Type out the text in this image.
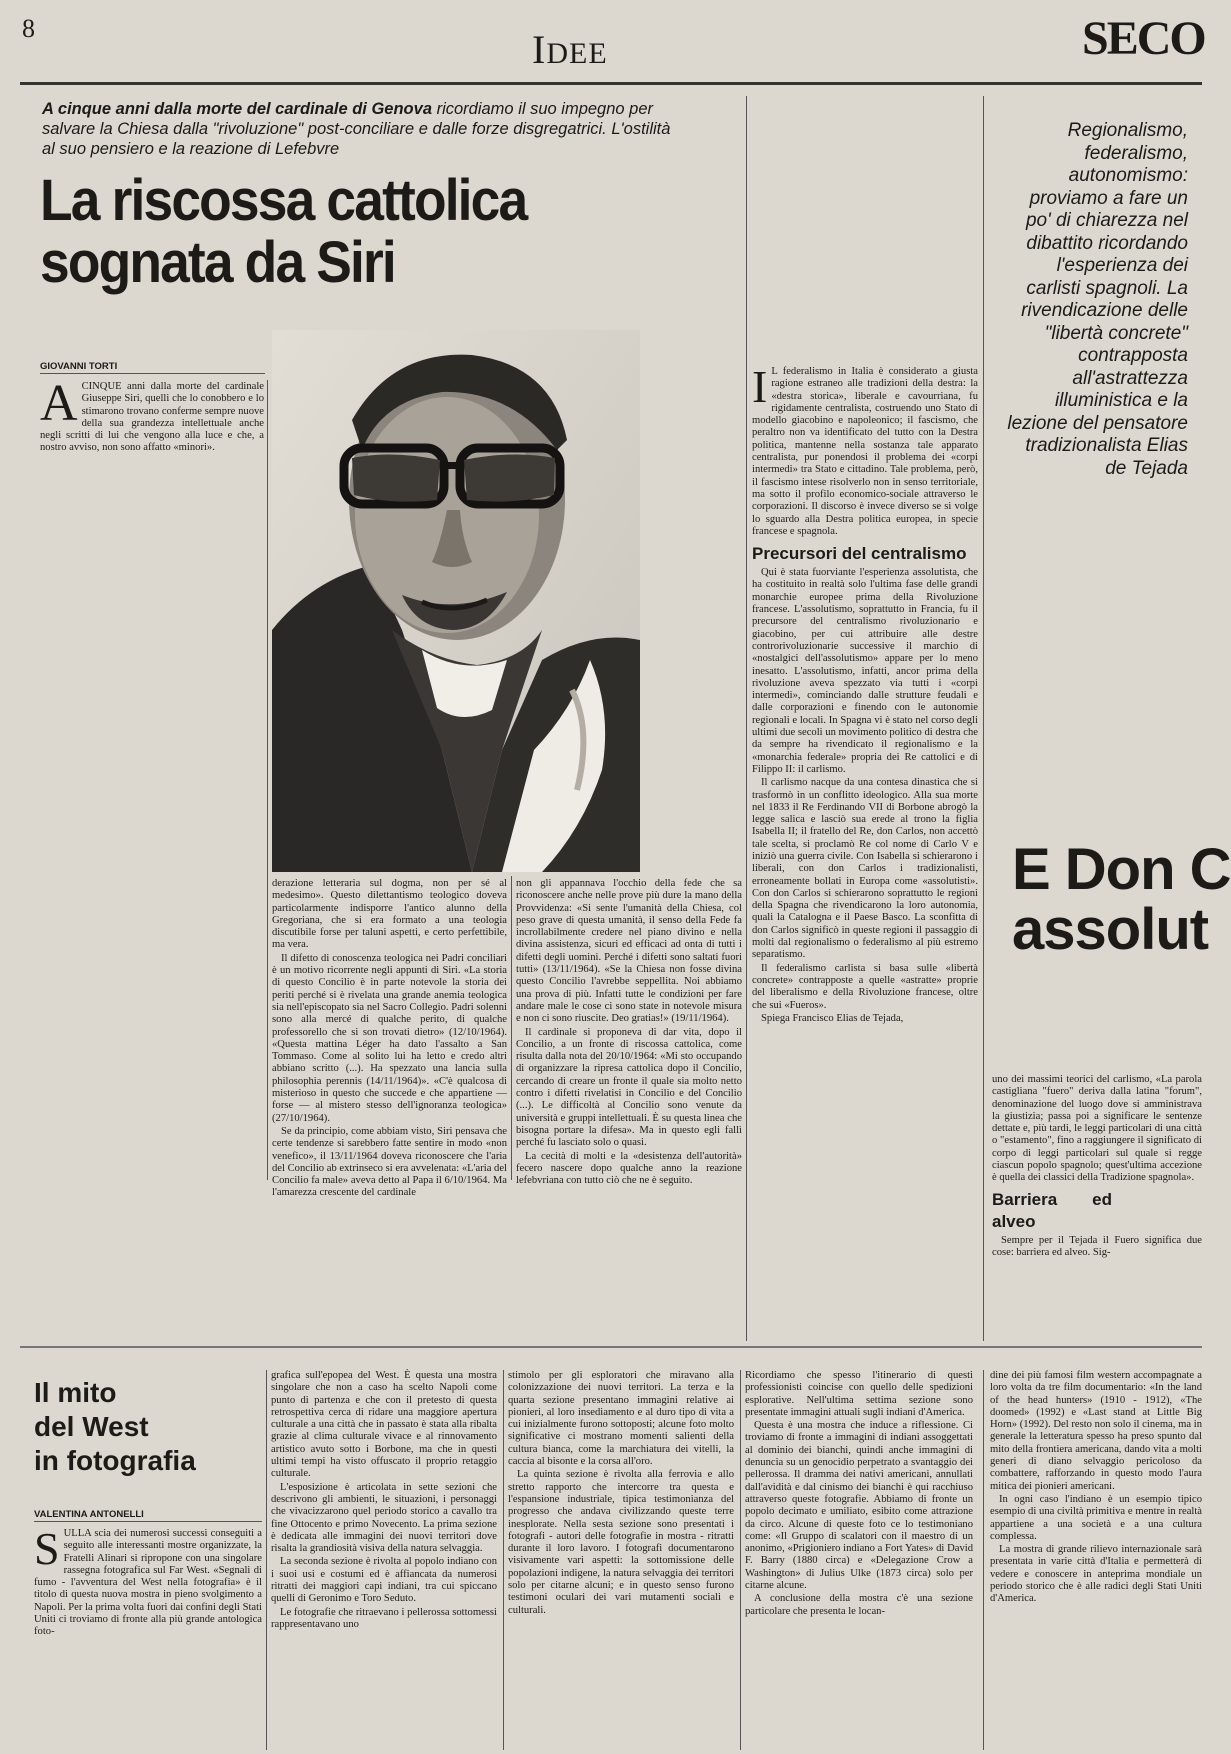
8	IDEE	SECO
A cinque anni dalla morte del cardinale di Genova ricordiamo il suo impegno per salvare la Chiesa dalla "rivoluzione" post-conciliare e dalle forze disgregatrici. L'ostilità al suo pensiero e la reazione di Lefebvre
La riscossa cattolica
sognata da Siri
GIOVANNI TORTI
A CINQUE anni dalla morte del cardinale Giuseppe Siri, quelli che lo conobbero e lo stimarono trovano conferme sempre nuove della sua grandezza intellettuale anche negli scritti di lui che vengono alla luce e che, a nostro avviso, non sono affatto «minori».

derazione letteraria sul dogma, non per sé al medesimo». Questo dilettantismo teologico doveva particolarmente indisporre l'antico alunno della Gregoriana, che si era formato a una teologia discutibile forse per taluni aspetti, e certo perfettibile, ma vera.

Il difetto di conoscenza teologica nei Padri conciliari è un motivo ricorrente negli appunti di Siri. «La storia di questo Concilio è in parte notevole la storia dei periti perché si è rivelata una grande anemia teologica sia nell'episcopato sia nel Sacro Collegio. Padri solenni sono alla mercé di qualche perito, di qualche professorello che si son trovati dietro» (12/10/1964). «Questa mattina Léger ha dato l'assalto a San Tommaso. Come al solito lui ha letto e credo altri abbiano scritto (...). Ha spezzato una lancia sulla philosophia perennis (14/11/1964)». «C'è qualcosa di misterioso in questo che succede e che appartiene — forse — al mistero stesso dell'ignoranza teologica» (27/10/1964).

Se da principio, come abbiam visto, Siri pensava che certe tendenze si sarebbero fatte sentire in modo «non venefico», il 13/11/1964 doveva riconoscere che l'aria del Concilio ab extrinseco si era avvelenata: «L'aria del Concilio fa male» aveva detto al Papa il 6/10/1964. Ma l'amarezza crescente del cardinale

non gli appannava l'occhio della fede che sa riconoscere anche nelle prove più dure la mano della Provvidenza: «Si sente l'umanità della Chiesa, col peso grave di questa umanità, il senso della Fede fa incrollabilmente credere nel piano divino e nella divina assistenza, sicuri ed efficaci ad onta di tutti i difetti degli uomini. Perché i difetti sono saltati fuori tutti» (13/11/1964). «Se la Chiesa non fosse divina questo Concilio l'avrebbe seppellita. Noi abbiamo una prova di più. Infatti tutte le condizioni per fare andare male le cose ci sono state in notevole misura e non ci sono riuscite. Deo gratias!» (19/11/1964).

Il cardinale si proponeva di dar vita, dopo il Concilio, a un fronte di riscossa cattolica, come risulta dalla nota del 20/10/1964: «Mi sto occupando di organizzare la ripresa cattolica dopo il Concilio, cercando di creare un fronte il quale sia molto netto contro i difetti rivelatisi in Concilio e del Concilio (...). Le difficoltà al Concilio sono venute da università e gruppi intellettuali. È su questa linea che bisogna portare la difesa». Ma in questo egli fallì perché fu lasciato solo o quasi.

La cecità di molti e la «desistenza dell'autorità» fecero nascere dopo qualche anno la reazione lefebvriana con tutto ciò che ne è seguito.

I L federalismo in Italia è considerato a giusta ragione estraneo alle tradizioni della destra: la «destra storica», liberale e cavourriana, fu rigidamente centralista, costruendo uno Stato di modello giacobino e napoleonico; il fascismo, che peraltro non va identificato del tutto con la Destra politica, mantenne nella sostanza tale apparato centralista, pur ponendosi il problema dei «corpi intermedi» tra Stato e cittadino. Tale problema, però, il fascismo intese risolverlo non in senso territoriale, ma sotto il profilo economico-sociale attraverso le corporazioni. Il discorso è invece diverso se si volge lo sguardo alla Destra politica europea, in specie francese e spagnola.

Precursori del centralismo

Qui è stata fuorviante l'esperienza assolutista, che ha costituito in realtà solo l'ultima fase delle grandi monarchie europee prima della Rivoluzione francese. L'assolutismo, soprattutto in Francia, fu il precursore del centralismo rivoluzionario e giacobino, per cui attribuire alle destre controrivoluzionarie successive il marchio di «nostalgici dell'assolutismo» appare per lo meno inesatto. L'assolutismo, infatti, ancor prima della rivoluzione aveva spezzato via tutti i «corpi intermedi», cominciando dalle strutture feudali e dalle corporazioni e finendo con le autonomie regionali e locali. In Spagna vi è stato nel corso degli ultimi due secoli un movimento politico di destra che da sempre ha rivendicato il regionalismo e la «monarchia federale» propria dei Re cattolici e di Filippo II: il carlismo.

Il carlismo nacque da una contesa dinastica che si trasformò in un conflitto ideologico. Alla sua morte nel 1833 il Re Ferdinando VII di Borbone abrogò la legge salica e lasciò sua erede al trono la figlia Isabella II; il fratello del Re, don Carlos, non accettò tale scelta, si proclamò Re col nome di Carlo V e iniziò una guerra civile. Con Isabella si schierarono i liberali, con don Carlos i tradizionalisti, erroneamente bollati in Europa come «assolutisti». Con don Carlos si schierarono soprattutto le regioni della Spagna che rivendicarono la loro autonomia, quali la Catalogna e il Paese Basco. La sconfitta di don Carlos significò in queste regioni il passaggio di molti dal regionalismo o federalismo al più estremo separatismo.

Il federalismo carlista si basa sulle «libertà concrete» contrapposte a quelle «astratte» proprie del liberalismo e della Rivoluzione francese, oltre che sui «Fueros».

Spiega Francisco Elias de Tejada,

Regionalismo, federalismo, autonomismo: proviamo a fare un po' di chiarezza nel dibattito ricordando l'esperienza dei carlisti spagnoli. La rivendicazione delle "libertà concrete" contrapposta all'astrattezza illuministica e la lezione del pensatore tradizionalista Elias de Tejada
E Don C
assolut

uno dei massimi teorici del carlismo, «La parola castigliana "fuero" deriva dalla latina "forum", denominazione del luogo dove si amministrava la giustizia; passa poi a significare le sentenze dettate e, più tardi, le leggi particolari di una città o "estamento", fino a raggiungere il significato di corpo di leggi particolari sul quale si regge ciascun popolo spagnolo; quest'ultima accezione è quella dei classici della Tradizione spagnola».

Barriera ed alveo

Sempre per il Tejada il Fuero significa due cose: barriera ed alveo. Sig-

Il mito
del West
in fotografia
VALENTINA ANTONELLI
S ULLA scia dei numerosi successi conseguiti a seguito alle interessanti mostre organizzate, la Fratelli Alinari si ripropone con una singolare rassegna fotografica sul Far West. «Segnali di fumo - l'avventura del West nella fotografia» è il titolo di questa nuova mostra in pieno svolgimento a Napoli. Per la prima volta fuori dai confini degli Stati Uniti ci troviamo di fronte alla più grande antologica foto-

grafica sull'epopea del West. È questa una mostra singolare che non a caso ha scelto Napoli come punto di partenza e che con il pretesto di questa retrospettiva cerca di ridare una maggiore apertura culturale a una città che in passato è stata alla ribalta grazie al clima culturale vivace e al rinnovamento artistico avuto sotto i Borbone, ma che in questi ultimi tempi ha visto offuscato il proprio retaggio culturale.

L'esposizione è articolata in sette sezioni che descrivono gli ambienti, le situazioni, i personaggi che vivacizzarono quel periodo storico a cavallo tra fine Ottocento e primo Novecento. La prima sezione è dedicata alle immagini dei nuovi territori dove risalta la grandiosità visiva della natura selvaggia.

La seconda sezione è rivolta al popolo indiano con i suoi usi e costumi ed è affiancata da numerosi ritratti dei maggiori capi indiani, tra cui spiccano quelli di Geronimo e Toro Seduto.

Le fotografie che ritraevano i pellerossa sottomessi rappresentavano uno

stimolo per gli esploratori che miravano alla colonizzazione dei nuovi territori. La terza e la quarta sezione presentano immagini relative ai pionieri, al loro insediamento e al duro tipo di vita a cui inizialmente furono sottoposti; alcune foto molto significative ci mostrano momenti salienti della cultura bianca, come la marchiatura dei vitelli, la caccia al bisonte e la corsa all'oro.

La quinta sezione è rivolta alla ferrovia e allo stretto rapporto che intercorre tra questa e l'espansione industriale, tipica testimonianza del progresso che andava civilizzando queste terre inesplorate. Nella sesta sezione sono presentati i fotografi - autori delle fotografie in mostra - ritratti durante il loro lavoro. I fotografi documentarono visivamente vari aspetti: la sottomissione delle popolazioni indigene, la natura selvaggia dei territori solo per citarne alcuni; e in questo senso furono testimoni oculari dei vari mutamenti sociali e culturali.

Ricordiamo che spesso l'itinerario di questi professionisti coincise con quello delle spedizioni esplorative. Nell'ultima settima sezione sono presentate immagini attuali sugli indiani d'America.

Questa è una mostra che induce a riflessione. Ci troviamo di fronte a immagini di indiani assoggettati al dominio dei bianchi, quindi anche immagini di denuncia su un genocidio perpetrato a svantaggio dei pellerossa. Il dramma dei nativi americani, annullati dall'avidità e dal cinismo dei bianchi è qui racchiuso attraverso queste fotografie. Abbiamo di fronte un popolo decimato e umiliato, esibito come attrazione da circo. Alcune di queste foto ce lo testimoniano come: «Il Gruppo di scalatori con il maestro di un anonimo, «Prigioniero indiano a Fort Yates» di David F. Barry (1880 circa) e «Delegazione Crow a Washington» di Julius Ulke (1873 circa) solo per citarne alcune.

A conclusione della mostra c'è una sezione particolare che presenta le locan-

dine dei più famosi film western accompagnate a loro volta da tre film documentario: «In the land of the head hunters» (1910 - 1912), «The doomed» (1992) e «Last stand at Little Big Horn» (1992). Del resto non solo il cinema, ma in generale la letteratura spesso ha preso spunto dal mito della frontiera americana, dando vita a molti generi di diano selvaggio pericoloso da combattere, rafforzando in questo modo l'aura mitica dei pionieri americani.

In ogni caso l'indiano è un esempio tipico esempio di una civiltà primitiva e mentre in realtà appartiene a una società e a una cultura complessa.

La mostra di grande rilievo internazionale sarà presentata in varie città d'Italia e permetterà di vedere e conoscere in anteprima mondiale un periodo storico che è alle radici degli Stati Uniti d'America.
